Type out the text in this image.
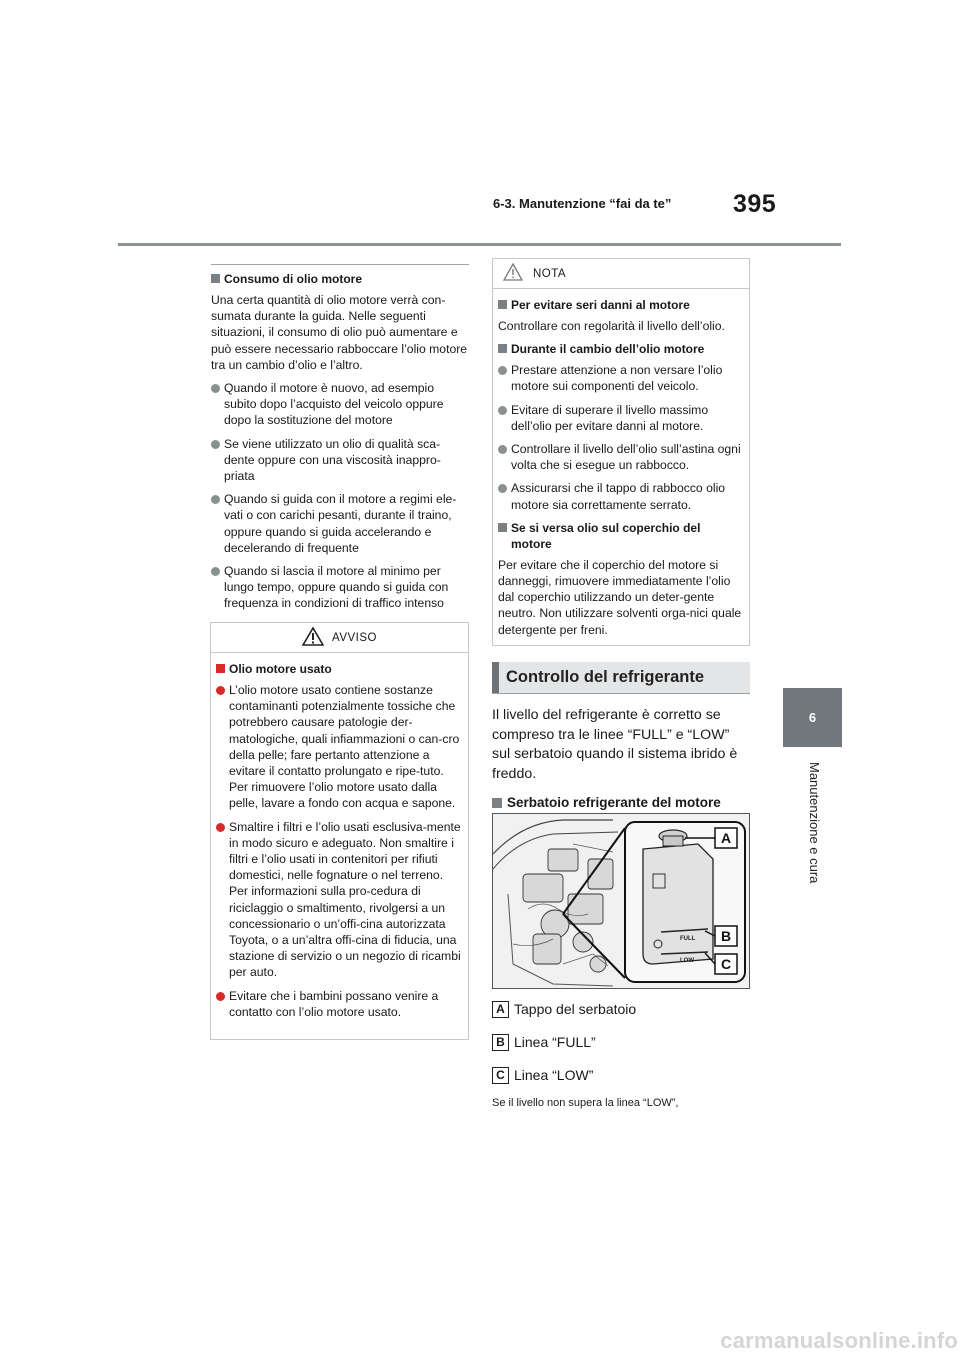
6-3. Manutenzione “fai da te” 395
6
Manutenzione e cura
Consumo di olio motore
Una certa quantità di olio motore verrà con-sumata durante la guida. Nelle seguenti situazioni, il consumo di olio può aumentare e può essere necessario rabboccare l’olio motore tra un cambio d’olio e l’altro.
Quando il motore è nuovo, ad esempio subito dopo l’acquisto del veicolo oppure dopo la sostituzione del motore
Se viene utilizzato un olio di qualità sca-dente oppure con una viscosità inappro-priata
Quando si guida con il motore a regimi ele-vati o con carichi pesanti, durante il traino, oppure quando si guida accelerando e decelerando di frequente
Quando si lascia il motore al minimo per lungo tempo, oppure quando si guida con frequenza in condizioni di traffico intenso
AVVISO
Olio motore usato
L’olio motore usato contiene sostanze contaminanti potenzialmente tossiche che potrebbero causare patologie der-matologiche, quali infiammazioni o can-cro della pelle; fare pertanto attenzione a evitare il contatto prolungato e ripe-tuto. Per rimuovere l’olio motore usato dalla pelle, lavare a fondo con acqua e sapone.
Smaltire i filtri e l’olio usati esclusiva-mente in modo sicuro e adeguato. Non smaltire i filtri e l’olio usati in contenitori per rifiuti domestici, nelle fognature o nel terreno. Per informazioni sulla pro-cedura di riciclaggio o smaltimento, rivolgersi a un concessionario o un’offi-cina autorizzata Toyota, o a un’altra offi-cina di fiducia, una stazione di servizio o un negozio di ricambi per auto.
Evitare che i bambini possano venire a contatto con l’olio motore usato.
NOTA
Per evitare seri danni al motore
Controllare con regolarità il livello dell’olio.
Durante il cambio dell’olio motore
Prestare attenzione a non versare l’olio motore sui componenti del veicolo.
Evitare di superare il livello massimo dell’olio per evitare danni al motore.
Controllare il livello dell’olio sull’astina ogni volta che si esegue un rabbocco.
Assicurarsi che il tappo di rabbocco olio motore sia correttamente serrato.
Se si versa olio sul coperchio del motore
Per evitare che il coperchio del motore si danneggi, rimuovere immediatamente l’olio dal coperchio utilizzando un deter-gente neutro. Non utilizzare solventi orga-nici quale detergente per freni.
Controllo del refrigerante
Il livello del refrigerante è corretto se compreso tra le linee “FULL” e “LOW” sul serbatoio quando il sistema ibrido è freddo.
Serbatoio refrigerante del motore
FULL
LOW
A
B
C
A Tappo del serbatoio
B Linea “FULL”
C Linea “LOW”
Se il livello non supera la linea “LOW”,
carmanualsonline.info
